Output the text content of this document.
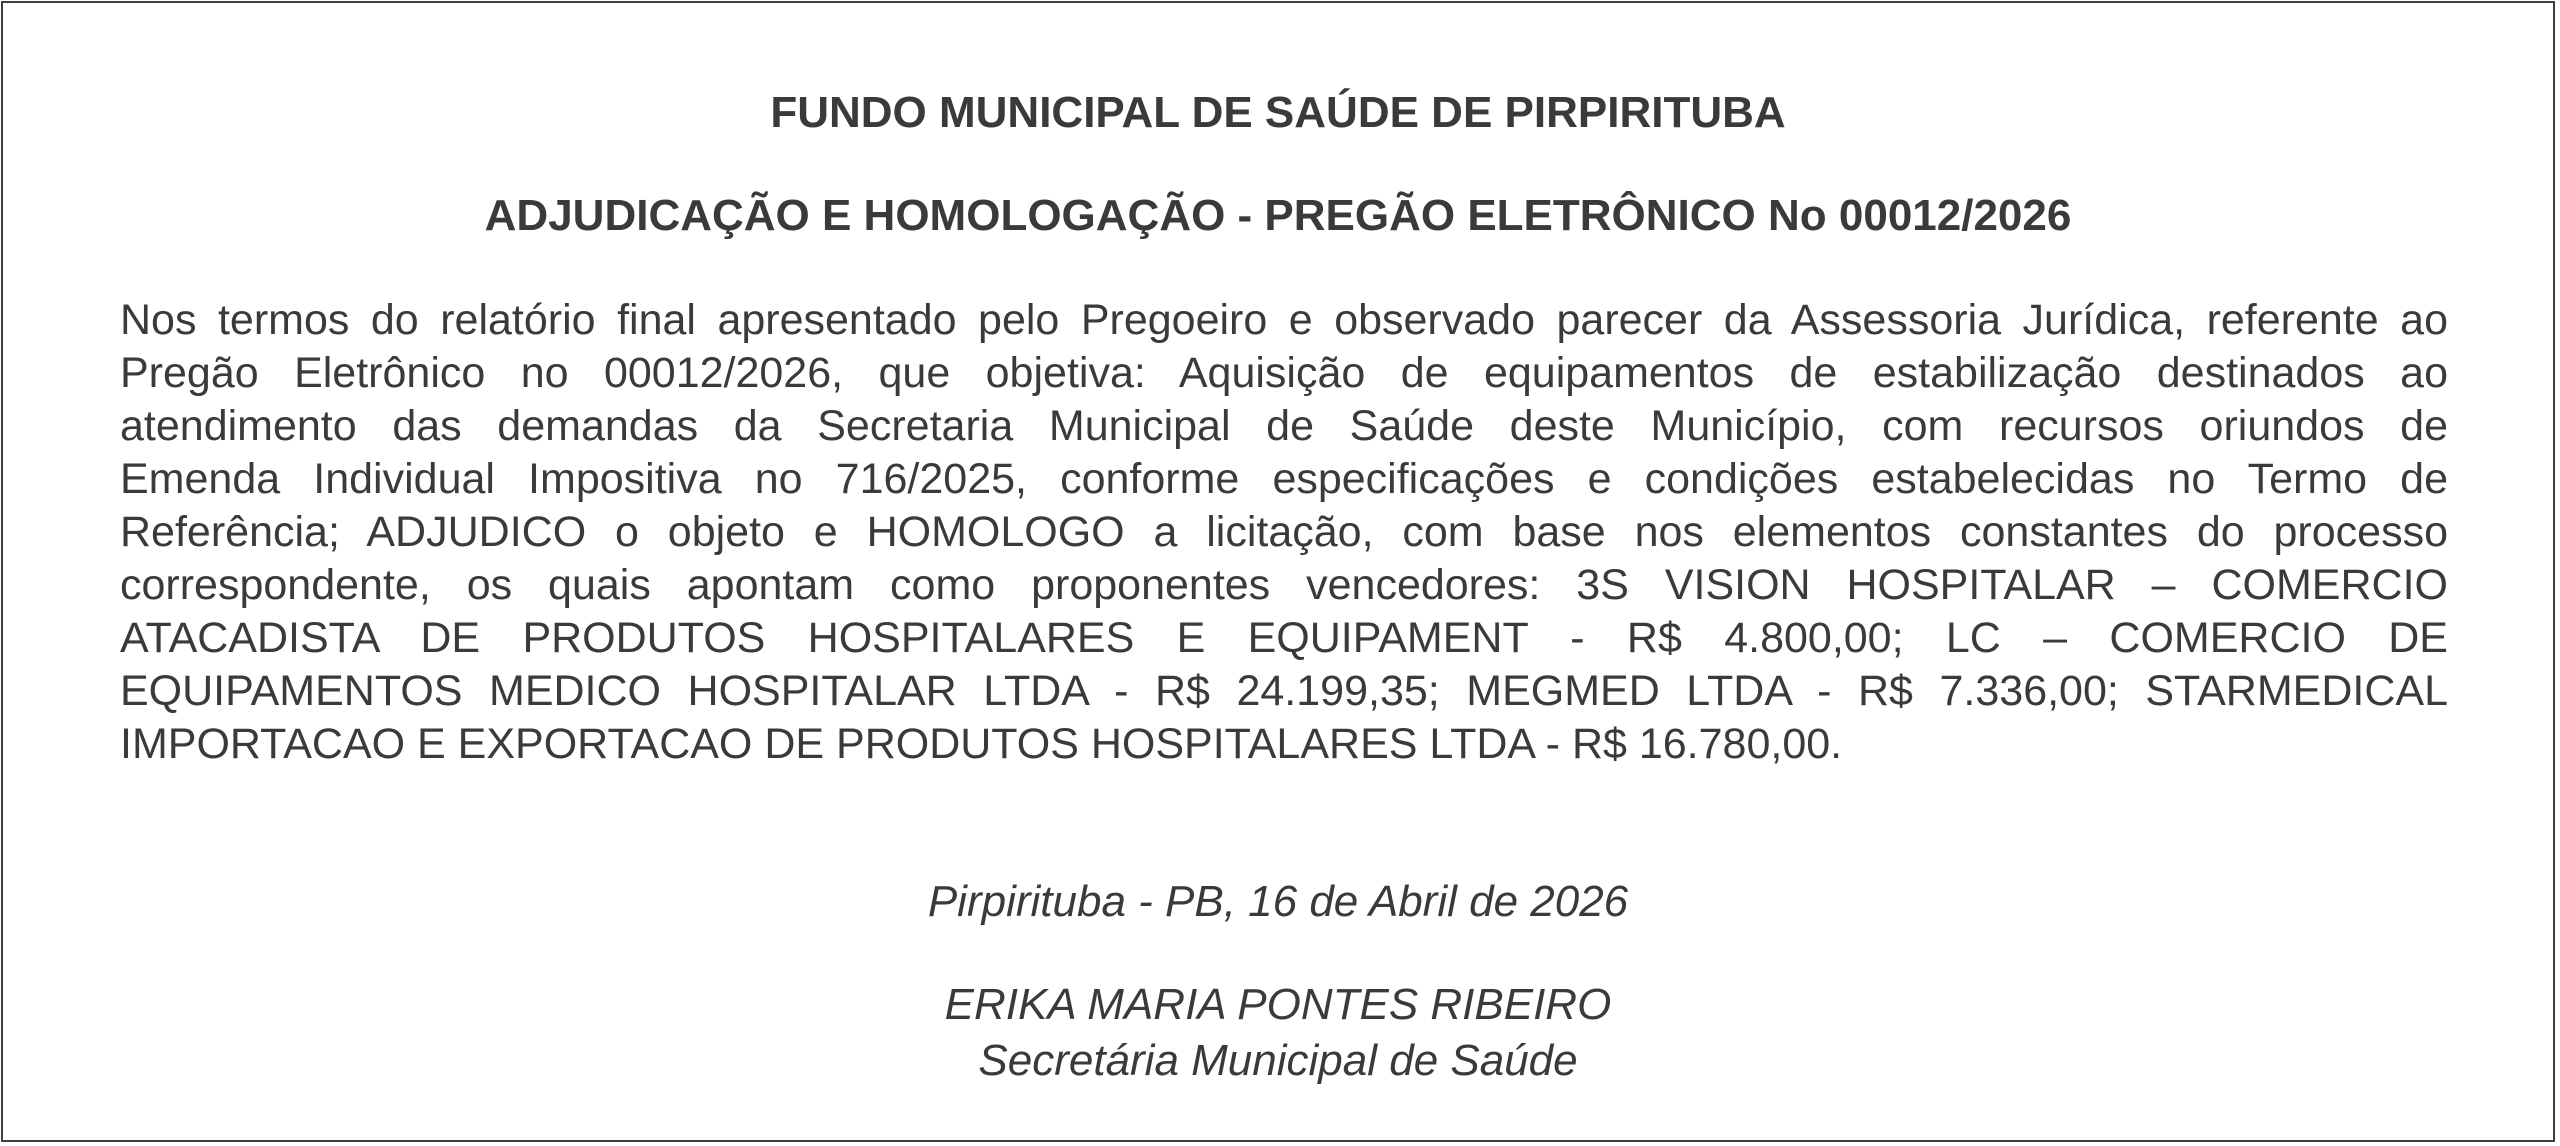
FUNDO MUNICIPAL DE SAÚDE DE PIRPIRITUBA
ADJUDICAÇÃO E HOMOLOGAÇÃO - PREGÃO ELETRÔNICO No 00012/2026
Nos termos do relatório final apresentado pelo Pregoeiro e observado parecer da Assessoria Jurídica, referente ao
Pregão Eletrônico no 00012/2026, que objetiva: Aquisição de equipamentos de estabilização destinados ao
atendimento das demandas da Secretaria Municipal de Saúde deste Município, com recursos oriundos de
Emenda Individual Impositiva no 716/2025, conforme especificações e condições estabelecidas no Termo de
Referência; ADJUDICO o objeto e HOMOLOGO a licitação, com base nos elementos constantes do processo
correspondente, os quais apontam como proponentes vencedores: 3S VISION HOSPITALAR – COMERCIO
ATACADISTA DE PRODUTOS HOSPITALARES E EQUIPAMENT - R$ 4.800,00; LC – COMERCIO DE
EQUIPAMENTOS MEDICO HOSPITALAR LTDA - R$ 24.199,35; MEGMED LTDA - R$ 7.336,00; STARMEDICAL
IMPORTACAO E EXPORTACAO DE PRODUTOS HOSPITALARES LTDA - R$ 16.780,00.
Pirpirituba - PB, 16 de Abril de 2026
ERIKA MARIA PONTES RIBEIRO
Secretária Municipal de Saúde
